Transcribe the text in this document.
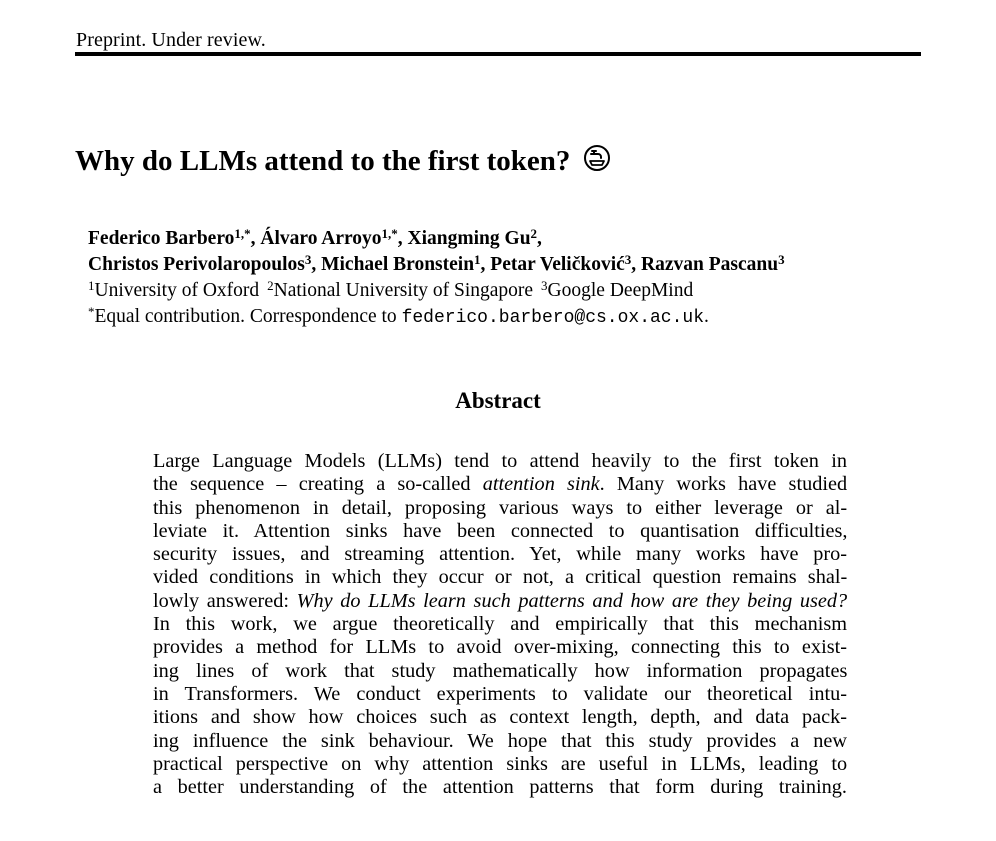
Preprint. Under review.
Why do LLMs attend to the first token?
Federico Barbero$^{1,*}$, Álvaro Arroyo$^{1,*}$, Xiangming Gu$^2$,
Christos Perivolaropoulos$^3$, Michael Bronstein$^1$, Petar Veličković$^3$, Razvan Pascanu$^3$
$^1$University of Oxford $^2$National University of Singapore $^3$Google DeepMind
*Equal contribution. Correspondence to federico.barbero@cs.ox.ac.uk.
Abstract
Large Language Models (LLMs) tend to attend heavily to the first token in
the sequence – creating a so-called attention sink. Many works have studied
this phenomenon in detail, proposing various ways to either leverage or al-
leviate it. Attention sinks have been connected to quantisation difficulties,
security issues, and streaming attention. Yet, while many works have pro-
vided conditions in which they occur or not, a critical question remains shal-
lowly answered: Why do LLMs learn such patterns and how are they being used?
In this work, we argue theoretically and empirically that this mechanism
provides a method for LLMs to avoid over-mixing, connecting this to exist-
ing lines of work that study mathematically how information propagates
in Transformers. We conduct experiments to validate our theoretical intu-
itions and show how choices such as context length, depth, and data pack-
ing influence the sink behaviour. We hope that this study provides a new
practical perspective on why attention sinks are useful in LLMs, leading to
a better understanding of the attention patterns that form during training.
